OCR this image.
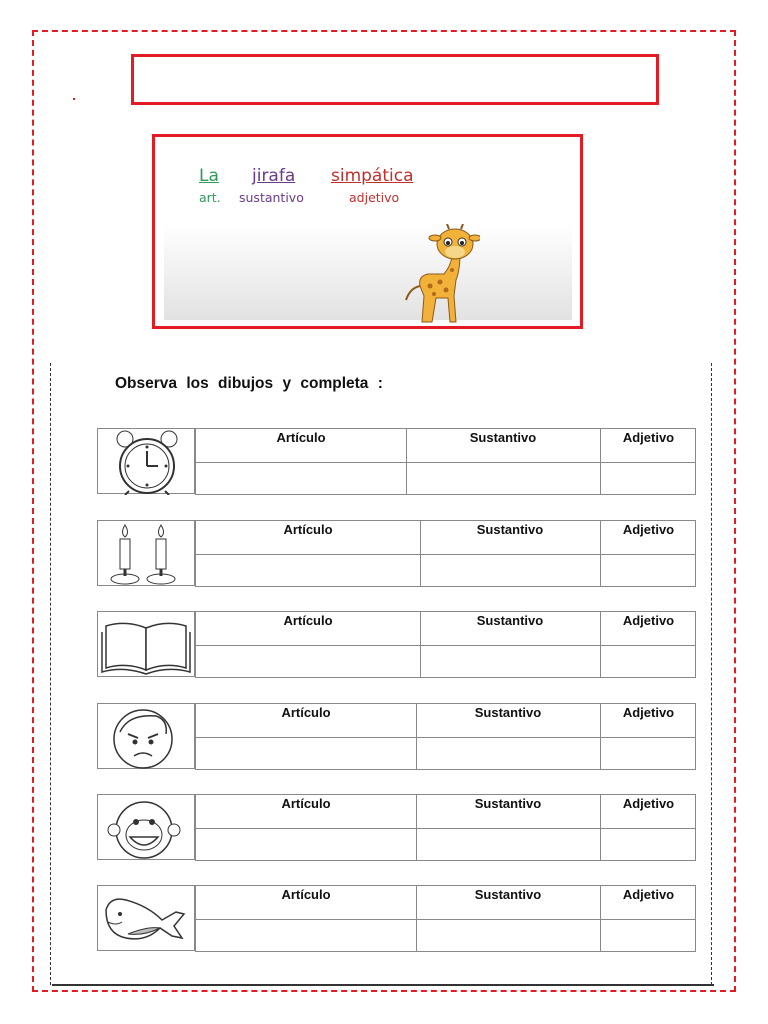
La jirafa simpática
art. sustantivo	adjetivo
Observa los dibujos y completa :
Artículo	Sustantivo	Adjetivo
Artículo	Sustantivo	Adjetivo
Artículo	Sustantivo	Adjetivo
Artículo	Sustantivo	Adjetivo
Artículo	Sustantivo	Adjetivo
Artículo	Sustantivo	Adjetivo
